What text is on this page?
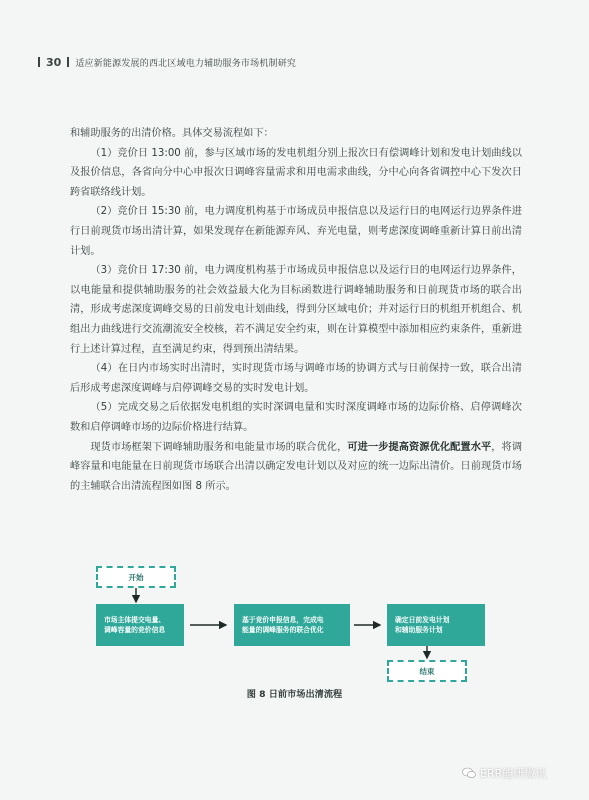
30 适应新能源发展的西北区域电力辅助服务市场机制研究

和辅助服务的出清价格。具体交易流程如下：

（1）竞价日 13:00 前，参与区域市场的发电机组分别上报次日有偿调峰计划和发电计划曲线以及报价信息，各省向分中心申报次日调峰容量需求和用电需求曲线，分中心向各省调控中心下发次日跨省联络线计划。

（2）竞价日 15:30 前，电力调度机构基于市场成员申报信息以及运行日的电网运行边界条件进行日前现货市场出清计算，如果发现存在新能源弃风、弃光电量，则考虑深度调峰重新计算日前出清计划。

（3）竞价日 17:30 前，电力调度机构基于市场成员申报信息以及运行日的电网运行边界条件，以电能量和提供辅助服务的社会效益最大化为目标函数进行调峰辅助服务和日前现货市场的联合出清，形成考虑深度调峰交易的日前发电计划曲线，得到分区域电价；并对运行日的机组开机组合、机组出力曲线进行交流潮流安全校核，若不满足安全约束，则在计算模型中添加相应约束条件，重新进行上述计算过程，直至满足约束，得到预出清结果。

（4）在日内市场实时出清时，实时现货市场与调峰市场的协调方式与日前保持一致，联合出清后形成考虑深度调峰与启停调峰交易的实时发电计划。

（5）完成交易之后依据发电机组的实时深调电量和实时深度调峰市场的边际价格、启停调峰次数和启停调峰市场的边际价格进行结算。

现货市场框架下调峰辅助服务和电能量市场的联合优化，可进一步提高资源优化配置水平，将调峰容量和电能量在日前现货市场联合出清以确定发电计划以及对应的统一边际出清价。日前现货市场的主辅联合出清流程图如图 8 所示。

开始
市场主体提交电量、
调峰容量的竞价信息
基于竞价申报信息，完成电
能量的调峰服务的联合优化
确定日前发电计划
和辅助服务计划
结束
图 8 日前市场出清流程
ERR能研微讯
